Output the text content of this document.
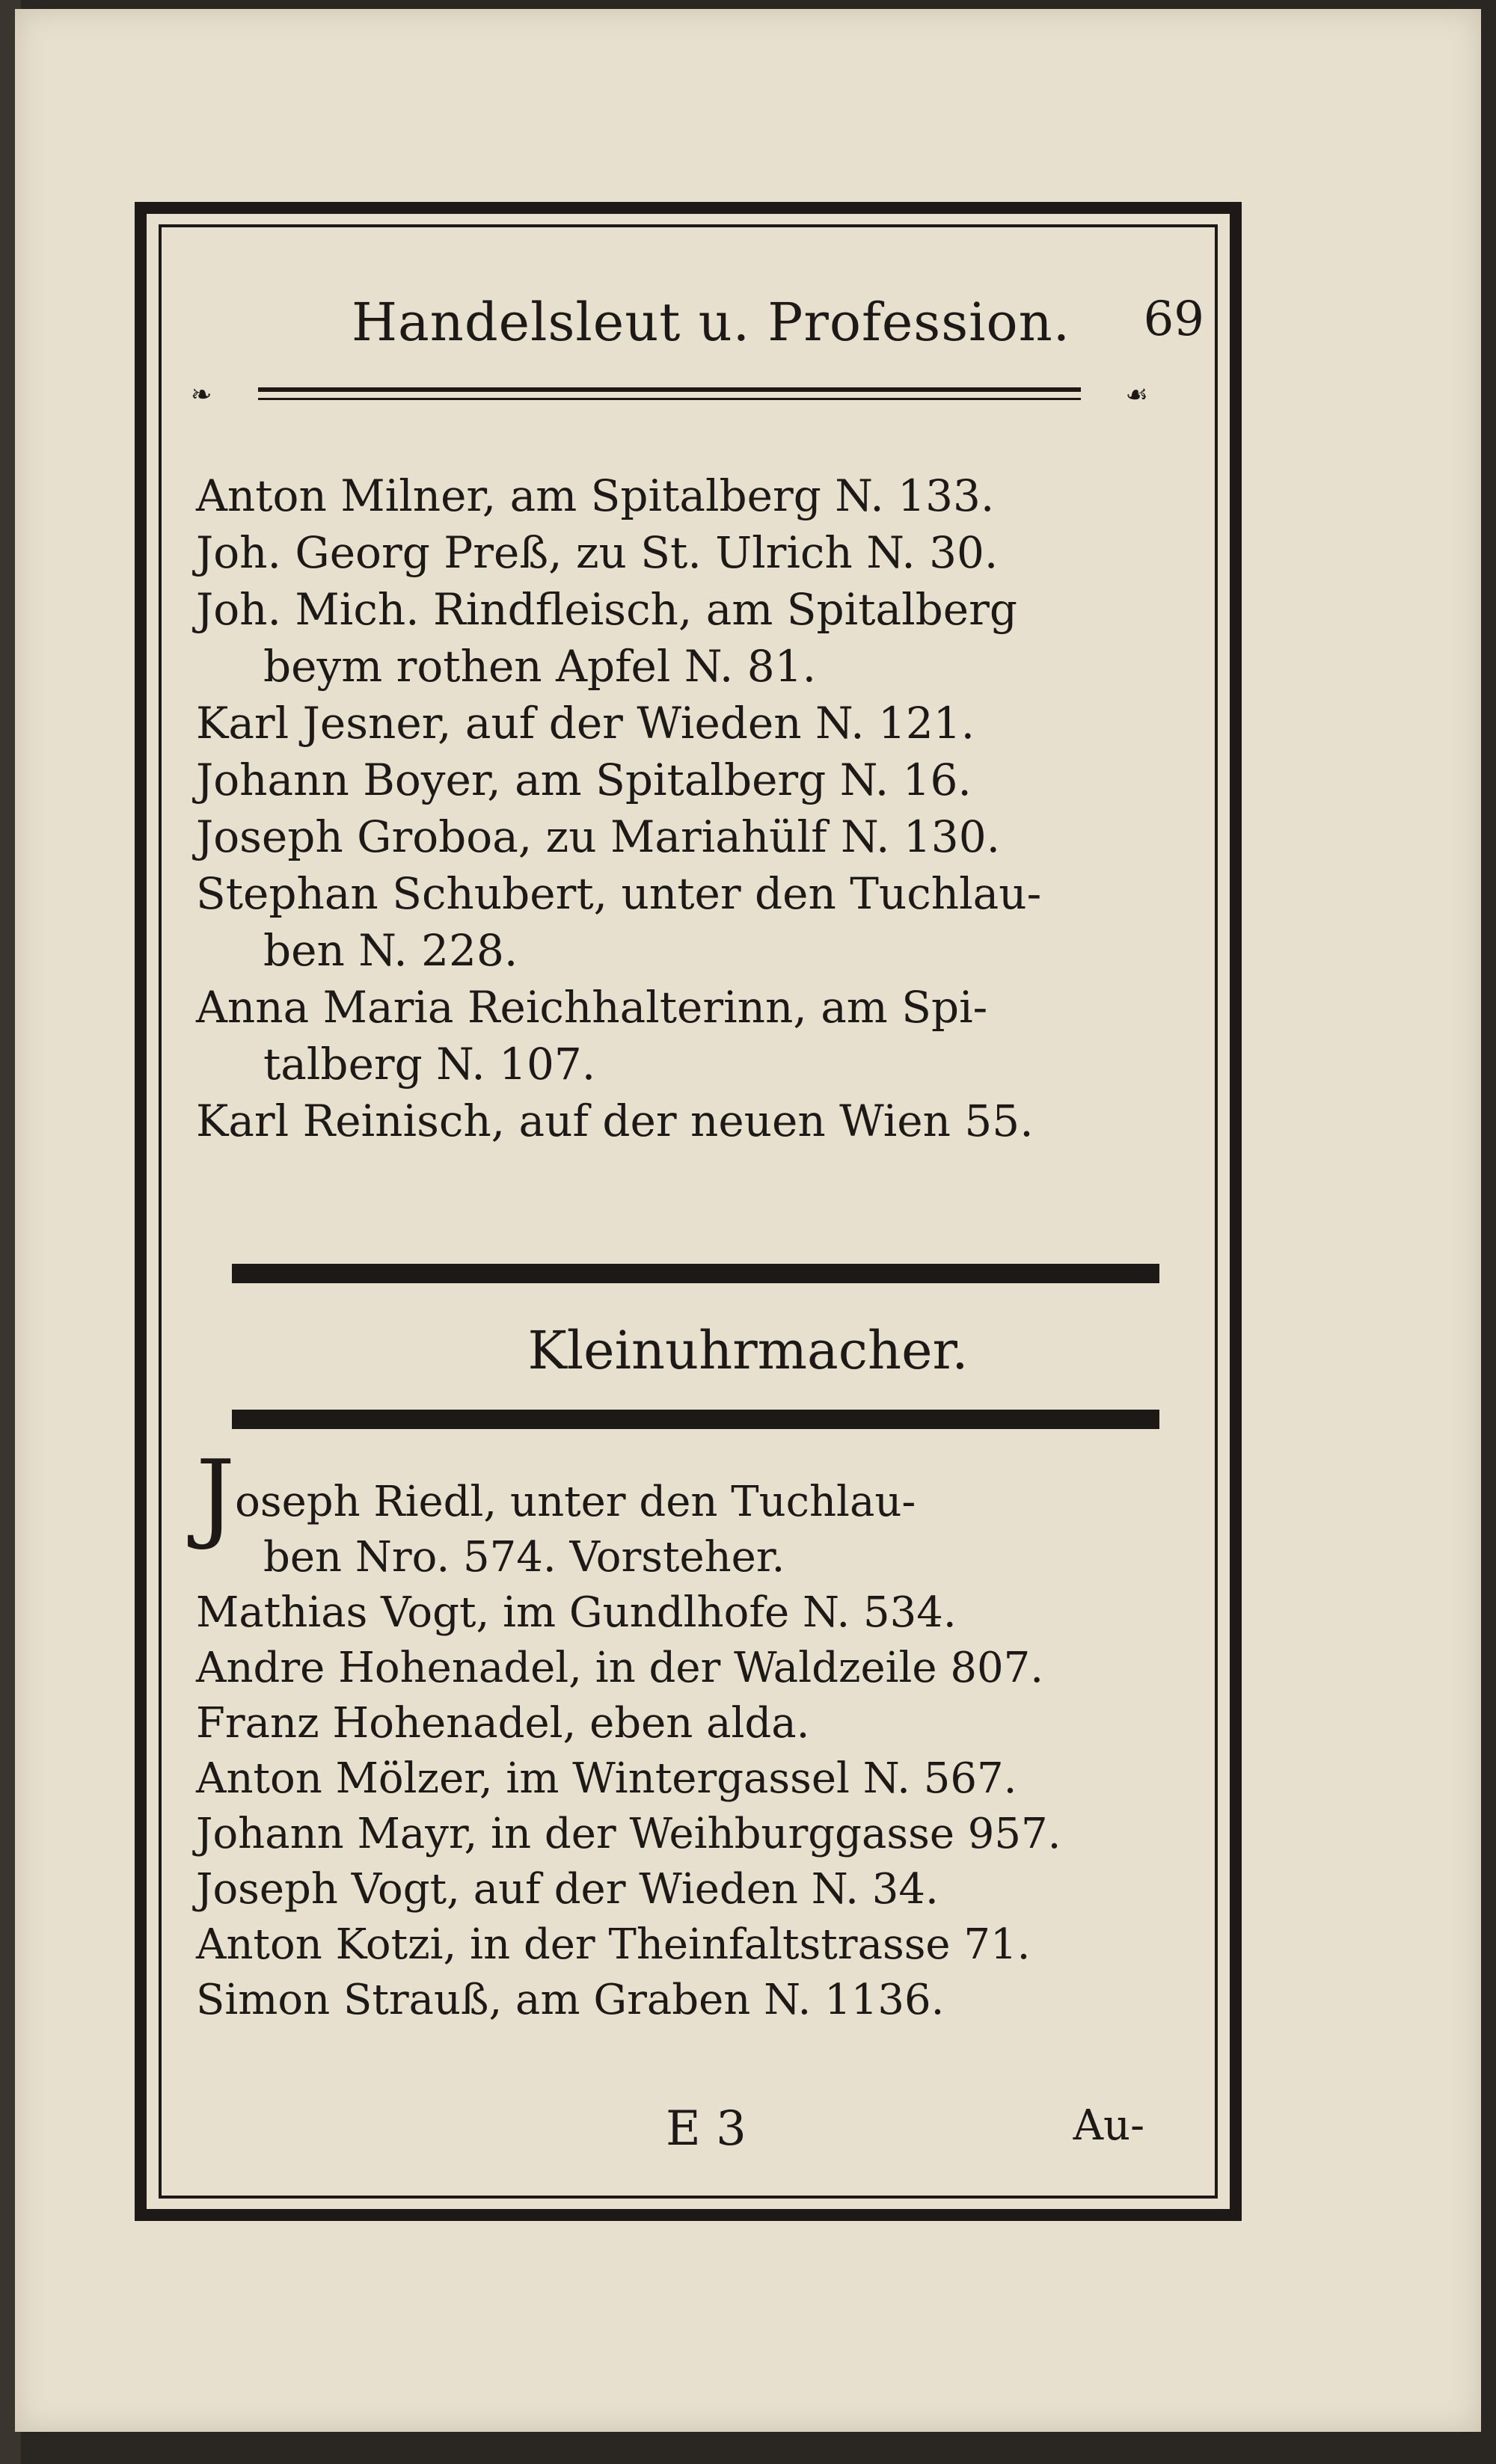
Handelsleut u. Profession. 69
❧	☙
Anton Milner, am Spitalberg N. 133.
Joh. Georg Preß, zu St. Ulrich N. 30.
Joh. Mich. Rindfleisch, am Spitalberg
beym rothen Apfel N. 81.
Karl Jesner, auf der Wieden N. 121.
Johann Boyer, am Spitalberg N. 16.
Joseph Groboa, zu Mariahülf N. 130.
Stephan Schubert, unter den Tuchlau-
ben N. 228.
Anna Maria Reichhalterinn, am Spi-
talberg N. 107.
Karl Reinisch, auf der neuen Wien 55.
Kleinuhrmacher.
Joseph Riedl, unter den Tuchlau-
ben Nro. 574. Vorsteher.
Mathias Vogt, im Gundlhofe N. 534.
Andre Hohenadel, in der Waldzeile 807.
Franz Hohenadel, eben alda.
Anton Mölzer, im Wintergassel N. 567.
Johann Mayr, in der Weihburggasse 957.
Joseph Vogt, auf der Wieden N. 34.
Anton Kotzi, in der Theinfaltstrasse 71.
Simon Strauß, am Graben N. 1136.
E 3	Au-
